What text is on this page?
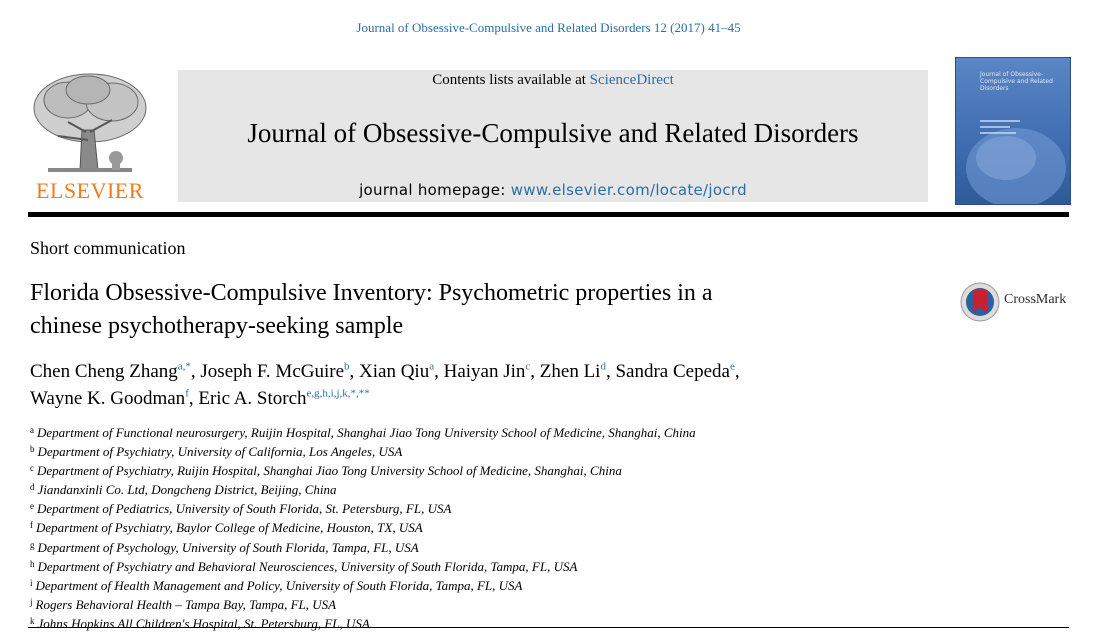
Journal of Obsessive-Compulsive and Related Disorders 12 (2017) 41–45
ELSEVIER
Contents lists available at ScienceDirect
Journal of Obsessive-Compulsive and Related Disorders
journal homepage: www.elsevier.com/locate/jocrd
Journal of Obsessive-Compulsive and Related Disorders
Short communication
Florida Obsessive-Compulsive Inventory: Psychometric properties in a
chinese psychotherapy-seeking sample
CrossMark
Chen Cheng Zhang$^{a,*}$, Joseph F. McGuire$^b$, Xian Qiu$^a$, Haiyan Jin$^c$, Zhen Li$^d$, Sandra Cepeda$^e$,
Wayne K. Goodman$^f$, Eric A. Storch$^{e,g,h,i,j,k,*,**}$
$^a$ Department of Functional neurosurgery, Ruijin Hospital, Shanghai Jiao Tong University School of Medicine, Shanghai, China
$^b$ Department of Psychiatry, University of California, Los Angeles, USA
$^c$ Department of Psychiatry, Ruijin Hospital, Shanghai Jiao Tong University School of Medicine, Shanghai, China
$^d$ Jiandanxinli Co. Ltd, Dongcheng District, Beijing, China
$^e$ Department of Pediatrics, University of South Florida, St. Petersburg, FL, USA
$^f$ Department of Psychiatry, Baylor College of Medicine, Houston, TX, USA
$^g$ Department of Psychology, University of South Florida, Tampa, FL, USA
$^h$ Department of Psychiatry and Behavioral Neurosciences, University of South Florida, Tampa, FL, USA
$^i$ Department of Health Management and Policy, University of South Florida, Tampa, FL, USA
$^j$ Rogers Behavioral Health – Tampa Bay, Tampa, FL, USA
$^k$ Johns Hopkins All Children's Hospital, St. Petersburg, FL, USA
